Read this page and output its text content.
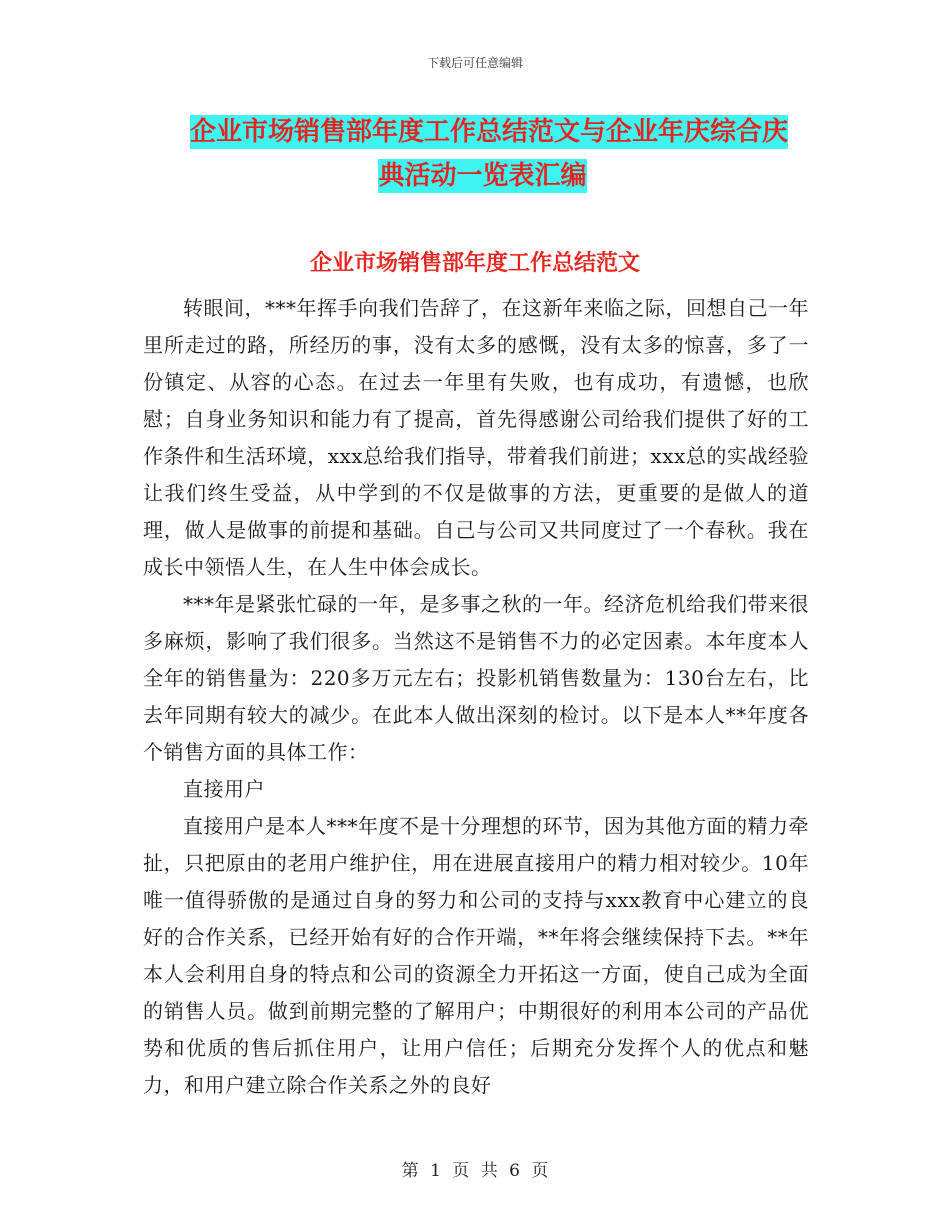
下载后可任意编辑
企业市场销售部年度工作总结范文与企业年庆综合庆
典活动一览表汇编
企业市场销售部年度工作总结范文

转眼间，***年挥手向我们告辞了，在这新年来临之际，回想自己一年里所走过的路，所经历的事，没有太多的感慨，没有太多的惊喜，多了一份镇定、从容的心态。在过去一年里有失败，也有成功，有遗憾，也欣慰；自身业务知识和能力有了提高，首先得感谢公司给我们提供了好的工作条件和生活环境，xxx总给我们指导，带着我们前进；xxx总的实战经验让我们终生受益，从中学到的不仅是做事的方法，更重要的是做人的道理，做人是做事的前提和基础。自己与公司又共同度过了一个春秋。我在成长中领悟人生，在人生中体会成长。

***年是紧张忙碌的一年，是多事之秋的一年。经济危机给我们带来很多麻烦，影响了我们很多。当然这不是销售不力的必定因素。本年度本人全年的销售量为：220多万元左右；投影机销售数量为：130台左右，比去年同期有较大的减少。在此本人做出深刻的检讨。以下是本人**年度各个销售方面的具体工作：

直接用户

直接用户是本人***年度不是十分理想的环节，因为其他方面的精力牵扯，只把原由的老用户维护住，用在进展直接用户的精力相对较少。10年唯一值得骄傲的是通过自身的努力和公司的支持与xxx教育中心建立的良好的合作关系，已经开始有好的合作开端，**年将会继续保持下去。**年本人会利用自身的特点和公司的资源全力开拓这一方面，使自己成为全面的销售人员。做到前期完整的了解用户；中期很好的利用本公司的产品优势和优质的售后抓住用户，让用户信任；后期充分发挥个人的优点和魅力，和用户建立除合作关系之外的良好

第 1 页 共 6 页
